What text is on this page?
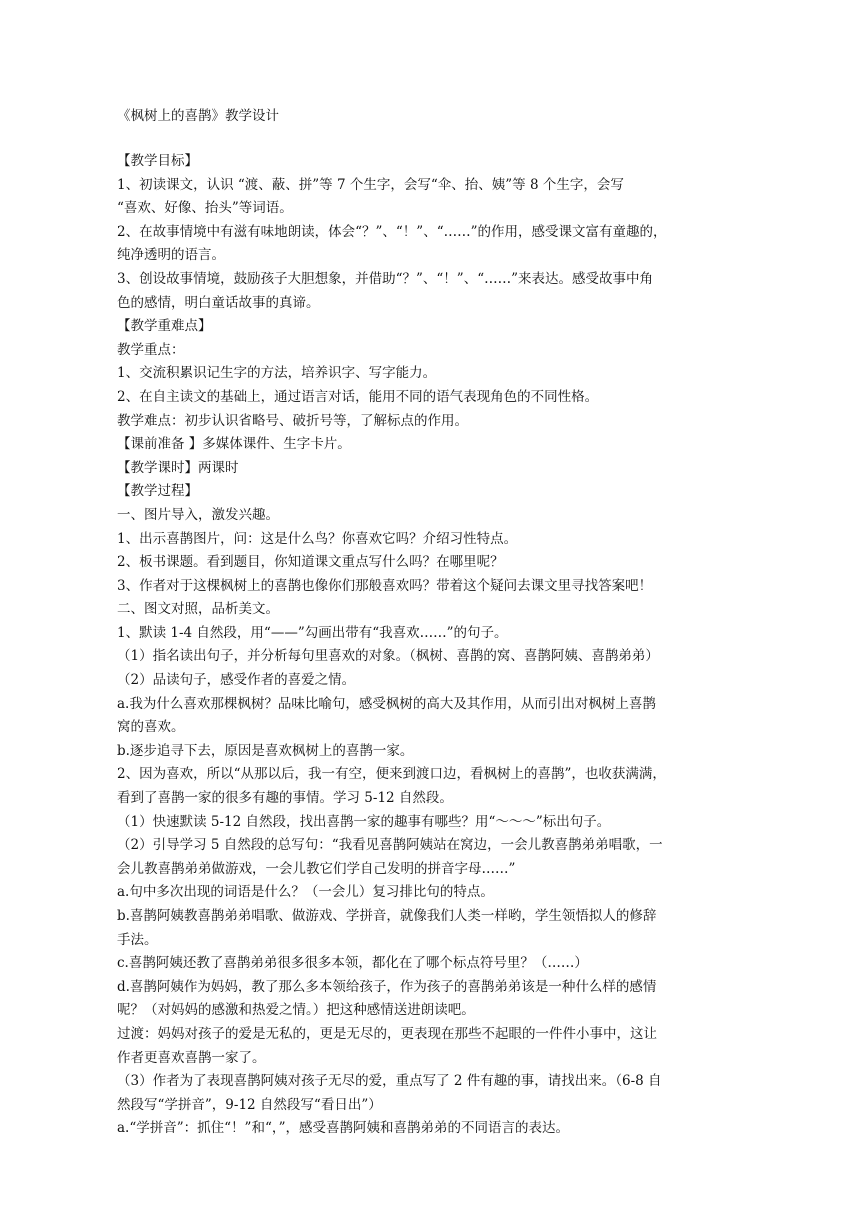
《枫树上的喜鹊》教学设计
【教学目标】
1、初读课文，认识 “渡、蔽、拼”等 7 个生字，会写“伞、抬、姨”等 8 个生字，会写
“喜欢、好像、抬头”等词语。
2、在故事情境中有滋有味地朗读，体会“？”、“！”、“……”的作用，感受课文富有童趣的，
纯净透明的语言。
3、创设故事情境，鼓励孩子大胆想象，并借助“？”、“！”、“……”来表达。感受故事中角
色的感情，明白童话故事的真谛。
【教学重难点】
教学重点：
1、交流积累识记生字的方法，培养识字、写字能力。
2、在自主读文的基础上，通过语言对话，能用不同的语气表现角色的不同性格。
教学难点：初步认识省略号、破折号等，了解标点的作用。
【课前准备 】多媒体课件、生字卡片。
【教学课时】两课时
【教学过程】
一、图片导入，激发兴趣。
1、出示喜鹊图片，问：这是什么鸟？你喜欢它吗？介绍习性特点。
2、板书课题。看到题目，你知道课文重点写什么吗？在哪里呢？
3、作者对于这棵枫树上的喜鹊也像你们那般喜欢吗？带着这个疑问去课文里寻找答案吧！
二、图文对照，品析美文。
1、默读 1-4 自然段，用“——”勾画出带有“我喜欢……”的句子。
（1）指名读出句子，并分析每句里喜欢的对象。（枫树、喜鹊的窝、喜鹊阿姨、喜鹊弟弟）
（2）品读句子，感受作者的喜爱之情。
a.我为什么喜欢那棵枫树？品味比喻句，感受枫树的高大及其作用，从而引出对枫树上喜鹊
窝的喜欢。
b.逐步追寻下去，原因是喜欢枫树上的喜鹊一家。
2、因为喜欢，所以“从那以后，我一有空，便来到渡口边，看枫树上的喜鹊”，也收获满满，
看到了喜鹊一家的很多有趣的事情。学习 5-12 自然段。
（1）快速默读 5-12 自然段，找出喜鹊一家的趣事有哪些？用“～～～”标出句子。
（2）引导学习 5 自然段的总写句：“我看见喜鹊阿姨站在窝边，一会儿教喜鹊弟弟唱歌，一
会儿教喜鹊弟弟做游戏，一会儿教它们学自己发明的拼音字母……”
a.句中多次出现的词语是什么？（一会儿）复习排比句的特点。
b.喜鹊阿姨教喜鹊弟弟唱歌、做游戏、学拼音，就像我们人类一样哟，学生领悟拟人的修辞
手法。
c.喜鹊阿姨还教了喜鹊弟弟很多很多本领，都化在了哪个标点符号里？（……）
d.喜鹊阿姨作为妈妈，教了那么多本领给孩子，作为孩子的喜鹊弟弟该是一种什么样的感情
呢？（对妈妈的感激和热爱之情。）把这种感情送进朗读吧。
过渡：妈妈对孩子的爱是无私的，更是无尽的，更表现在那些不起眼的一件件小事中，这让
作者更喜欢喜鹊一家了。
（3）作者为了表现喜鹊阿姨对孩子无尽的爱，重点写了 2 件有趣的事，请找出来。（6-8 自
然段写“学拼音”，9-12 自然段写“看日出”）
a.“学拼音”：抓住“！”和“，”，感受喜鹊阿姨和喜鹊弟弟的不同语言的表达。
